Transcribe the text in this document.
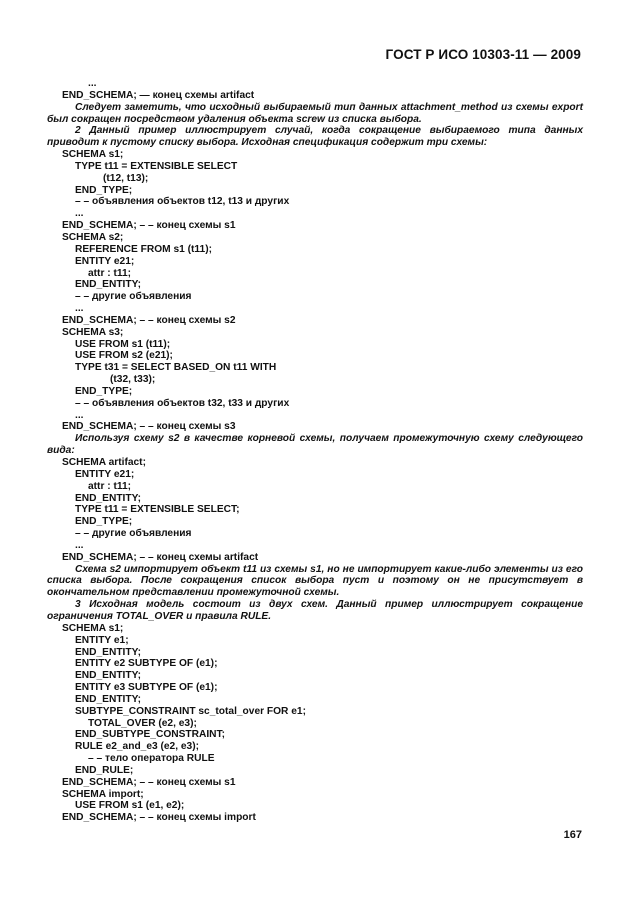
ГОСТ Р ИСО 10303-11 — 2009
...
END_SCHEMA; — конец схемы artifact
Следует заметить, что исходный выбираемый тип данных attachment_method из схемы export был сокращен посредством удаления объекта screw из списка выбора.
2 Данный пример иллюстрирует случай, когда сокращение выбираемого типа данных приводит к пустому списку выбора. Исходная спецификация содержит три схемы:
SCHEMA s1;
TYPE t11 = EXTENSIBLE SELECT
(t12, t13);
END_TYPE;
– – объявления объектов t12, t13 и других
...
END_SCHEMA; – – конец схемы s1
SCHEMA s2;
REFERENCE FROM s1 (t11);
ENTITY e21;
attr : t11;
END_ENTITY;
– – другие объявления
...
END_SCHEMA; – – конец схемы s2
SCHEMA s3;
USE FROM s1 (t11);
USE FROM s2 (e21);
TYPE t31 = SELECT BASED_ON t11 WITH
(t32, t33);
END_TYPE;
– – объявления объектов t32, t33 и других
...
END_SCHEMA; – – конец схемы s3
Используя схему s2 в качестве корневой схемы, получаем промежуточную схему следующего вида:
SCHEMA artifact;
ENTITY e21;
attr : t11;
END_ENTITY;
TYPE t11 = EXTENSIBLE SELECT;
END_TYPE;
– – другие объявления
...
END_SCHEMA; – – конец схемы artifact
Схема s2 импортирует объект t11 из схемы s1, но не импортирует какие-либо элементы из его списка выбора. После сокращения список выбора пуст и поэтому он не присутствует в окончательном представлении промежуточной схемы.
3 Исходная модель состоит из двух схем. Данный пример иллюстрирует сокращение ограничения TOTAL_OVER и правила RULE.
SCHEMA s1;
ENTITY e1;
END_ENTITY;
ENTITY e2 SUBTYPE OF (e1);
END_ENTITY;
ENTITY e3 SUBTYPE OF (e1);
END_ENTITY;
SUBTYPE_CONSTRAINT sc_total_over FOR e1;
TOTAL_OVER (e2, e3);
END_SUBTYPE_CONSTRAINT;
RULE e2_and_e3 (e2, e3);
– – тело оператора RULE
END_RULE;
END_SCHEMA; – – конец схемы s1
SCHEMA import;
USE FROM s1 (e1, e2);
END_SCHEMA; – – конец схемы import
167
